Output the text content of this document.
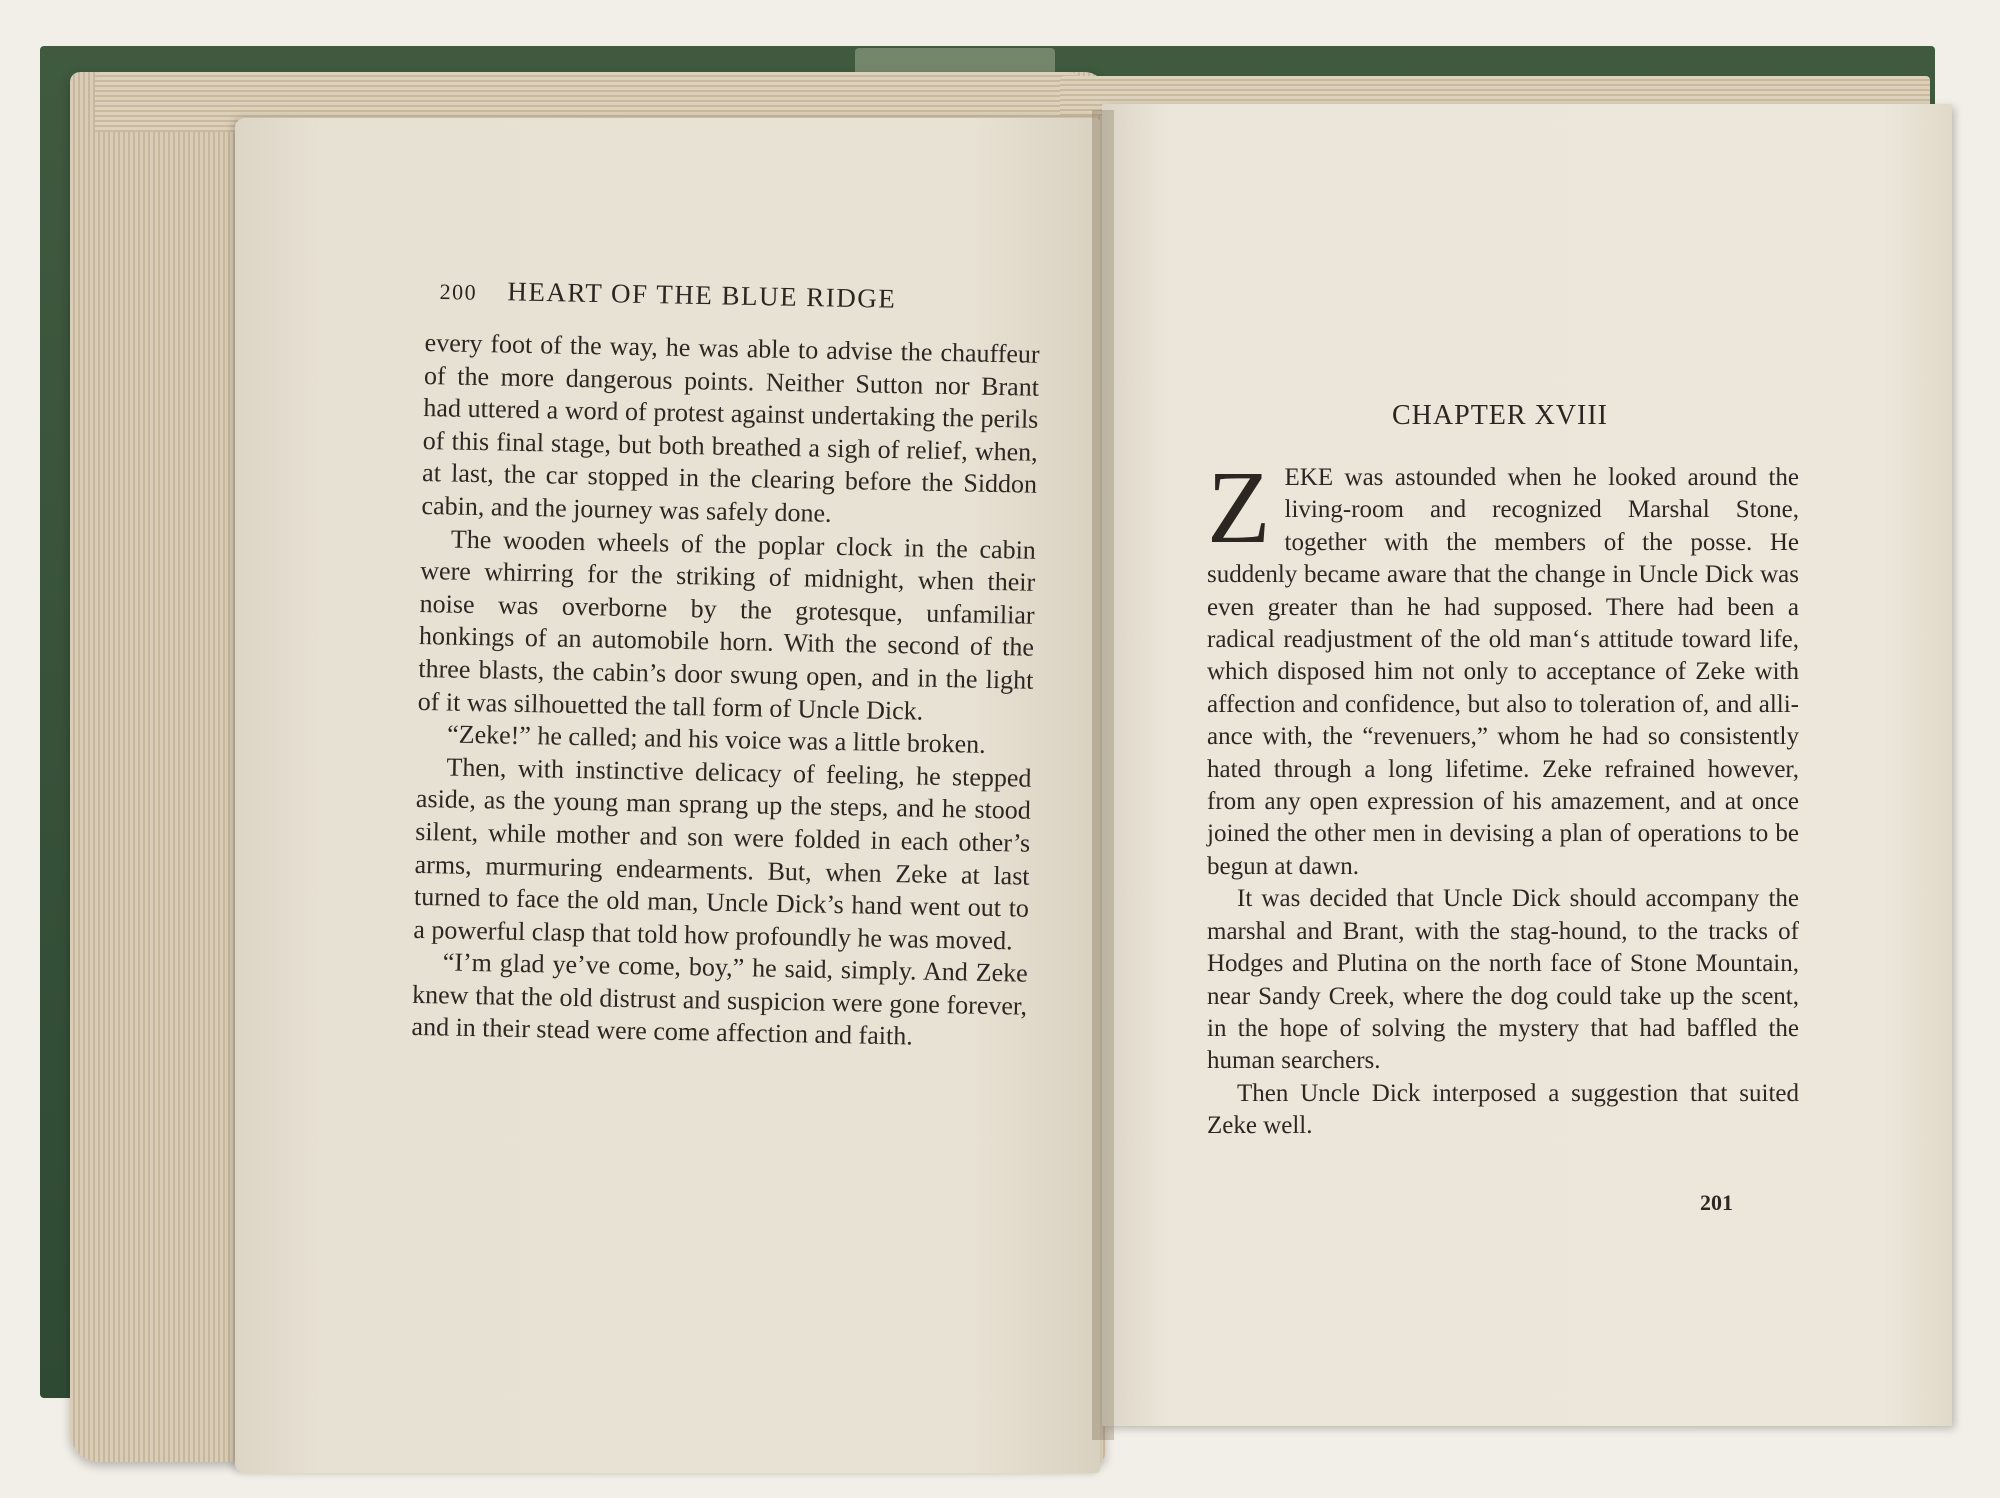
200 HEART OF THE BLUE RIDGE

every foot of the way, he was able to advise the chauffeur of the more dangerous points. Neither Sutton nor Brant had uttered a word of protest against undertaking the perils of this final stage, but both breathed a sigh of relief, when, at last, the car stopped in the clearing before the Siddon cabin, and the journey was safely done.

The wooden wheels of the poplar clock in the cabin were whirring for the striking of midnight, when their noise was overborne by the grotesque, unfamiliar honkings of an automobile horn. With the second of the three blasts, the cabin’s door swung open, and in the light of it was silhouetted the tall form of Uncle Dick.

“Zeke!” he called; and his voice was a little broken.

Then, with instinctive delicacy of feeling, he stepped aside, as the young man sprang up the steps, and he stood silent, while mother and son were folded in each other’s arms, murmuring endearments. But, when Zeke at last turned to face the old man, Uncle Dick’s hand went out to a powerful clasp that told how profoundly he was moved.

“I’m glad ye’ve come, boy,” he said, simply. And Zeke knew that the old distrust and suspicion were gone forever, and in their stead were come affection and faith.

CHAPTER XVIII

ZEKE was astounded when he looked around the living-room and recognized Marshal Stone, together with the members of the posse. He suddenly became aware that the change in Uncle Dick was even greater than he had supposed. There had been a radical readjustment of the old man‘s attitude toward life, which disposed him not only to acceptance of Zeke with affection and confidence, but also to toleration of, and alliance with, the “revenuers,” whom he had so consistently hated through a long lifetime. Zeke refrained however, from any open expression of his amazement, and at once joined the other men in devising a plan of operations to be begun at dawn.

It was decided that Uncle Dick should accompany the marshal and Brant, with the stag-hound, to the tracks of Hodges and Plutina on the north face of Stone Mountain, near Sandy Creek, where the dog could take up the scent, in the hope of solving the mystery that had baffled the human searchers.

Then Uncle Dick interposed a suggestion that suited Zeke well.

201
